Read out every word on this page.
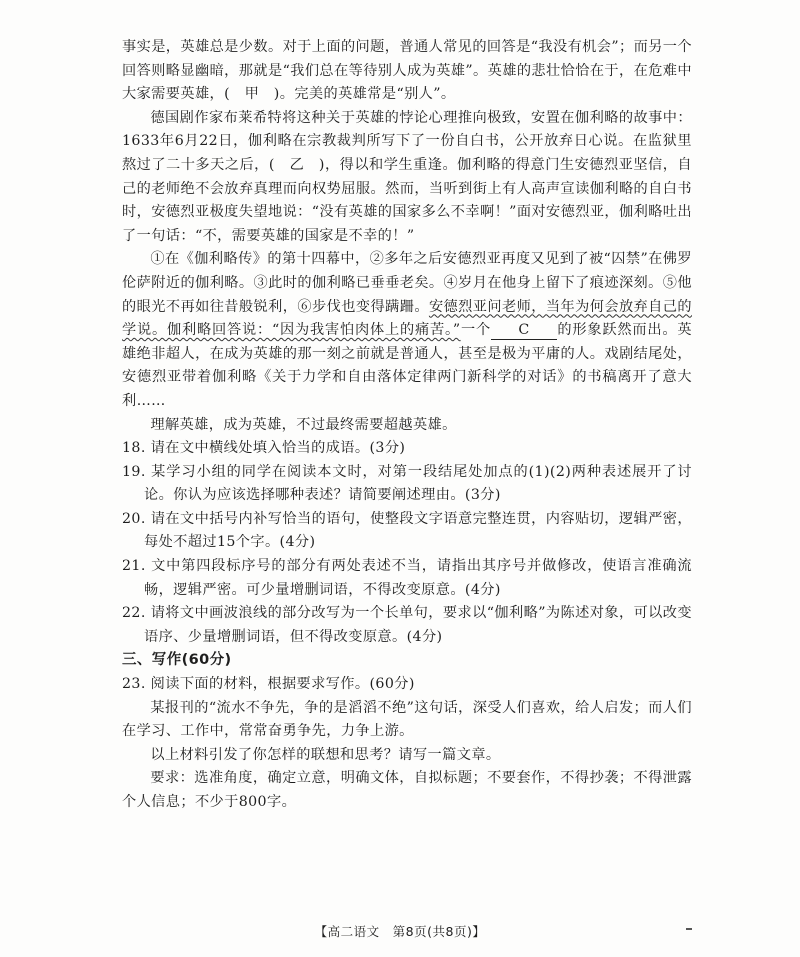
事实是，英雄总是少数。对于上面的问题，普通人常见的回答是“我没有机会”；而另一个回答则略显幽暗，那就是“我们总在等待别人成为英雄”。英雄的悲壮恰恰在于，在危难中大家需要英雄，(　甲　)。完美的英雄常是“别人”。

德国剧作家布莱希特将这种关于英雄的悖论心理推向极致，安置在伽利略的故事中：1633年6月22日，伽利略在宗教裁判所写下了一份自白书，公开放弃日心说。在监狱里熬过了二十多天之后，(　乙　)，得以和学生重逢。伽利略的得意门生安德烈亚坚信，自己的老师绝不会放弃真理而向权势屈服。然而，当听到街上有人高声宣读伽利略的自白书时，安德烈亚极度失望地说：“没有英雄的国家多么不幸啊！”面对安德烈亚，伽利略吐出了一句话：“不，需要英雄的国家是不幸的！”

①在《伽利略传》的第十四幕中，②多年之后安德烈亚再度又见到了被“囚禁”在佛罗伦萨附近的伽利略。③此时的伽利略已垂垂老矣。④岁月在他身上留下了痕迹深刻。⑤他的眼光不再如往昔般锐利，⑥步伐也变得蹒跚。安德烈亚问老师，当年为何会放弃自己的学说。伽利略回答说：“因为我害怕肉体上的痛苦。”一个 C 的形象跃然而出。英雄绝非超人，在成为英雄的那一刻之前就是普通人，甚至是极为平庸的人。戏剧结尾处，安德烈亚带着伽利略《关于力学和自由落体定律两门新科学的对话》的书稿离开了意大利……

理解英雄，成为英雄，不过最终需要超越英雄。

18. 请在文中横线处填入恰当的成语。(3分)

19. 某学习小组的同学在阅读本文时，对第一段结尾处加点的(1)(2)两种表述展开了讨论。你认为应该选择哪种表述？请简要阐述理由。(3分)

20. 请在文中括号内补写恰当的语句，使整段文字语意完整连贯，内容贴切，逻辑严密，每处不超过15个字。(4分)

21. 文中第四段标序号的部分有两处表述不当，请指出其序号并做修改，使语言准确流畅，逻辑严密。可少量增删词语，不得改变原意。(4分)

22. 请将文中画波浪线的部分改写为一个长单句，要求以“伽利略”为陈述对象，可以改变语序、少量增删词语，但不得改变原意。(4分)

三、写作(60分)

23. 阅读下面的材料，根据要求写作。(60分)

某报刊的“流水不争先，争的是滔滔不绝”这句话，深受人们喜欢，给人启发；而人们在学习、工作中，常常奋勇争先，力争上游。

以上材料引发了你怎样的联想和思考？请写一篇文章。

要求：选准角度，确定立意，明确文体，自拟标题；不要套作，不得抄袭；不得泄露个人信息；不少于800字。

【高二语文　第8页(共8页)】
